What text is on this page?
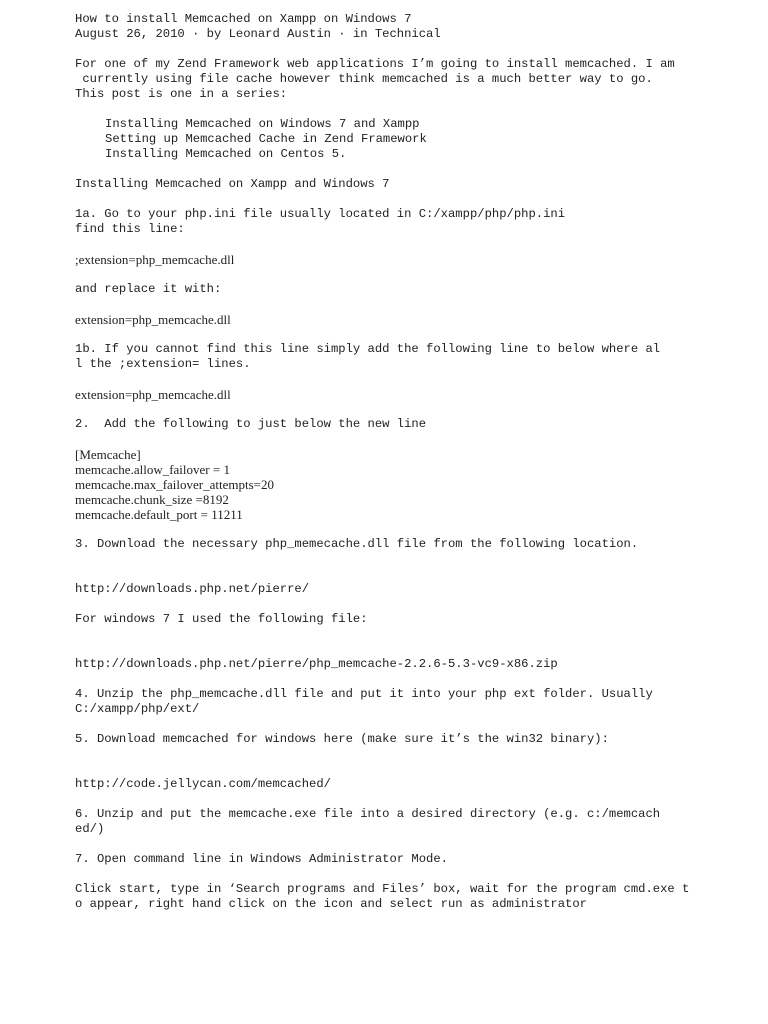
How to install Memcached on Xampp on Windows 7
August 26, 2010 · by Leonard Austin · in Technical
For one of my Zend Framework web applications I’m going to install memcached. I am
currently using file cache however think memcached is a much better way to go.
This post is one in a series:
Installing Memcached on Windows 7 and Xampp
Setting up Memcached Cache in Zend Framework
Installing Memcached on Centos 5.
Installing Memcached on Xampp and Windows 7
1a. Go to your php.ini file usually located in C:/xampp/php/php.ini
find this line:
;extension=php_memcache.dll
and replace it with:
extension=php_memcache.dll
1b. If you cannot find this line simply add the following line to below where al
l the ;extension= lines.
extension=php_memcache.dll
2.  Add the following to just below the new line
[Memcache]
memcache.allow_failover = 1
memcache.max_failover_attempts=20
memcache.chunk_size =8192
memcache.default_port = 11211
3. Download the necessary php_memecache.dll file from the following location.
http://downloads.php.net/pierre/
For windows 7 I used the following file:
http://downloads.php.net/pierre/php_memcache-2.2.6-5.3-vc9-x86.zip
4. Unzip the php_memcache.dll file and put it into your php ext folder. Usually
C:/xampp/php/ext/
5. Download memcached for windows here (make sure it’s the win32 binary):
http://code.jellycan.com/memcached/
6. Unzip and put the memcache.exe file into a desired directory (e.g. c:/memcach
ed/)
7. Open command line in Windows Administrator Mode.
Click start, type in ‘Search programs and Files’ box, wait for the program cmd.exe t
o appear, right hand click on the icon and select run as administrator
